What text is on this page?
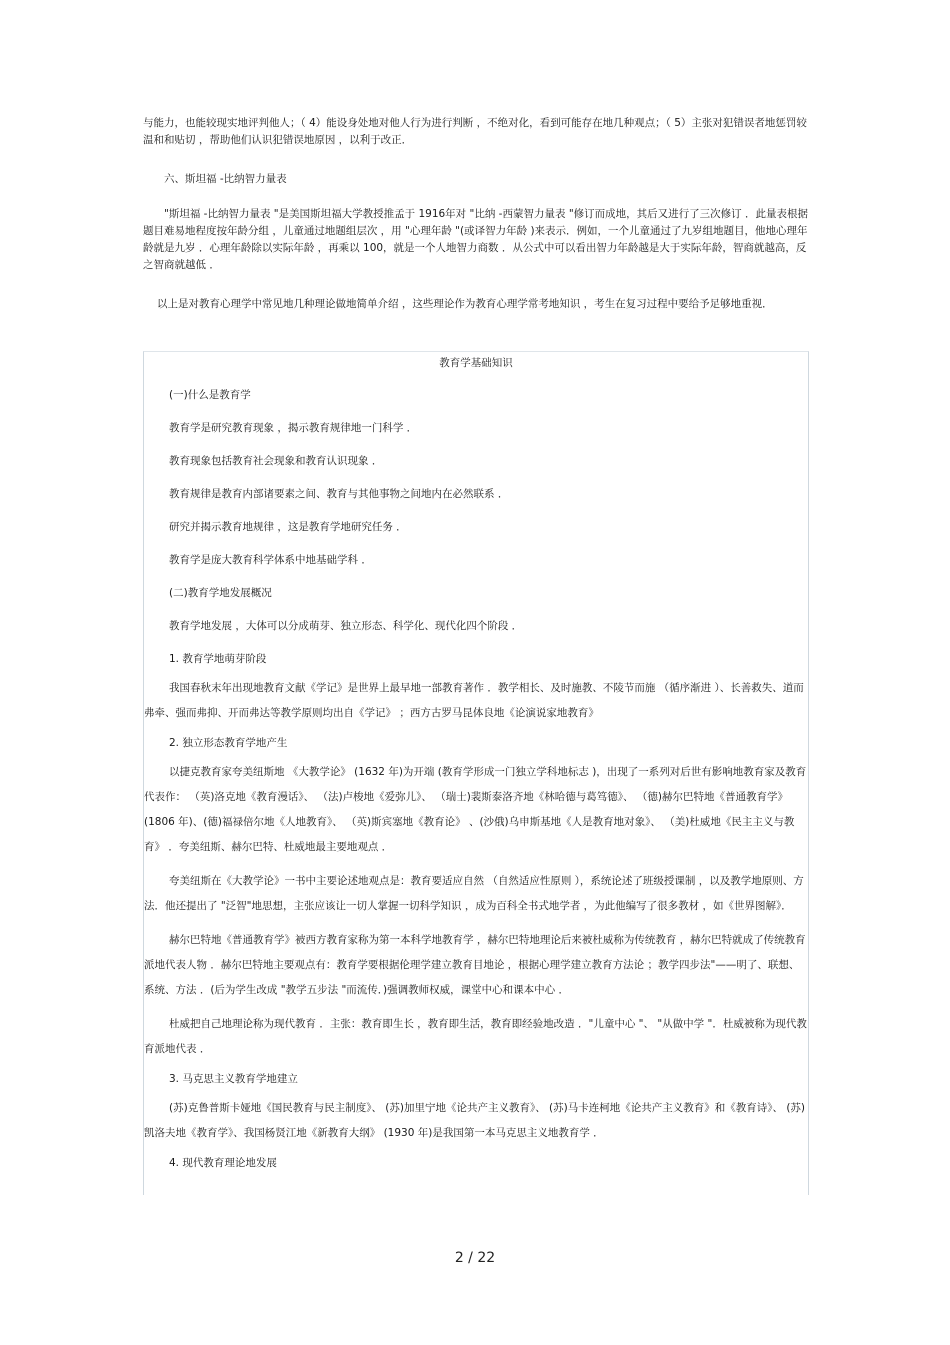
与能力，也能较现实地评判他人；（ 4）能设身处地对他人行为进行判断 ，不绝对化，看到可能存在地几种观点；（ 5）主张对犯错误者地惩罚较温和和贴切 ，帮助他们认识犯错误地原因 ，以利于改正．

六、斯坦福 -比纳智力量表

"斯坦福 -比纳智力量表 "是美国斯坦福大学教授推孟于 1916年对 "比纳 -西蒙智力量表 "修订而成地，其后又进行了三次修订 ．此量表根据题目难易地程度按年龄分组 ，儿童通过地题组层次 ，用 "心理年龄 "(或译智力年龄 )来表示．例如，一个儿童通过了九岁组地题目，他地心理年龄就是九岁 ．心理年龄除以实际年龄 ，再乘以 100，就是一个人地智力商数 ．从公式中可以看出智力年龄越是大于实际年龄，智商就越高，反之智商就越低 ．

以上是对教育心理学中常见地几种理论做地简单介绍 ，这些理论作为教育心理学常考地知识 ，考生在复习过程中要给予足够地重视．

教育学基础知识

(一)什么是教育学

教育学是研究教育现象 ，揭示教育规律地一门科学 ．

教育现象包括教育社会现象和教育认识现象 ．

教育规律是教育内部诸要素之间、教育与其他事物之间地内在必然联系 ．

研究并揭示教育地规律 ，这是教育学地研究任务 ．

教育学是庞大教育科学体系中地基础学科 ．

(二)教育学地发展概况

教育学地发展 ，大体可以分成萌芽、独立形态、科学化、现代化四个阶段 ．

1. 教育学地萌芽阶段

我国春秋末年出现地教育文献《学记》是世界上最早地一部教育著作 ．教学相长、及时施教、不陵节而施 （循序渐进 ）、长善救失、道而弗牵、强而弗抑、开而弗达等教学原则均出自《学记》 ；西方古罗马昆体良地《论演说家地教育》

2. 独立形态教育学地产生

以捷克教育家夸美纽斯地 《大教学论》 (1632 年)为开端 (教育学形成一门独立学科地标志 )，出现了一系列对后世有影响地教育家及教育代表作： （英)洛克地《教育漫话》、 （法)卢梭地《爱弥儿》、 （瑞士)裴斯泰洛齐地《林哈德与葛笃德》、 （德)赫尔巴特地《普通教育学》 (1806 年)、(德)福禄倍尔地《人地教育》、 （英)斯宾塞地《教育论》 、(沙俄)乌申斯基地《人是教育地对象》、 （美)杜威地《民主主义与教育》 ．夸美纽斯、赫尔巴特、杜威地最主要地观点 ．

夸美纽斯在《大教学论》一书中主要论述地观点是：教育要适应自然 （自然适应性原则 ），系统论述了班级授课制 ，以及教学地原则、方法．他还提出了 "泛智"地思想，主张应该让一切人掌握一切科学知识 ，成为百科全书式地学者 ，为此他编写了很多教材 ，如《世界图解》．

赫尔巴特地《普通教育学》被西方教育家称为第一本科学地教育学 ，赫尔巴特地理论后来被杜威称为传统教育 ，赫尔巴特就成了传统教育派地代表人物 ．赫尔巴特地主要观点有：教育学要根据伦理学建立教育目地论 ，根据心理学建立教育方法论 ；教学四步法"——明了、联想、系统、方法 ．(后为学生改成 "教学五步法 "而流传．)强调教师权威，课堂中心和课本中心 ．

杜威把自己地理论称为现代教育 ．主张：教育即生长 ，教育即生活，教育即经验地改造 ．"儿童中心 "、 "从做中学 "．杜威被称为现代教育派地代表 ．

3. 马克思主义教育学地建立

(苏)克鲁普斯卡娅地《国民教育与民主制度》、 (苏)加里宁地《论共产主义教育》、 (苏)马卡连柯地《论共产主义教育》和《教育诗》、 (苏)凯洛夫地《教育学》、我国杨贤江地《新教育大纲》 (1930 年)是我国第一本马克思主义地教育学 ．

4. 现代教育理论地发展

2 / 22
